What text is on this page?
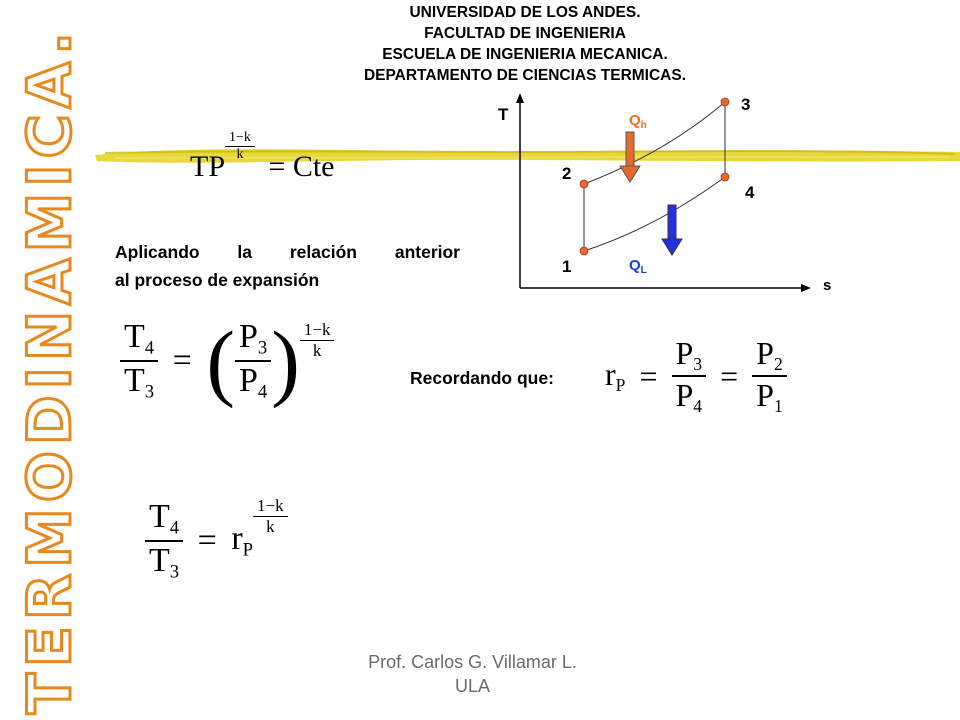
UNIVERSIDAD DE LOS ANDES.
FACULTAD DE INGENIERIA
ESCUELA DE INGENIERIA MECANICA.
DEPARTAMENTO DE CIENCIAS TERMICAS.
TERMODINAMICA.	TP
$\frac{1-k}{k}$
= Cte
T
s
1
2
3
4
$Q_h$
$Q_L$
Aplicando la relación anterior
al proceso de expansión
$\frac{T_4}{T_3}$ = ( $\frac{P_3}{P_4}$ ) $\frac{1-k}{k}$
Recordando que: $r_P = \frac{P_3}{P_4} = \frac{P_2}{P_1}$
$\frac{T_4}{T_3} = r_P$
$\frac{1-k}{k}$
Prof. Carlos G. Villamar L.
ULA
